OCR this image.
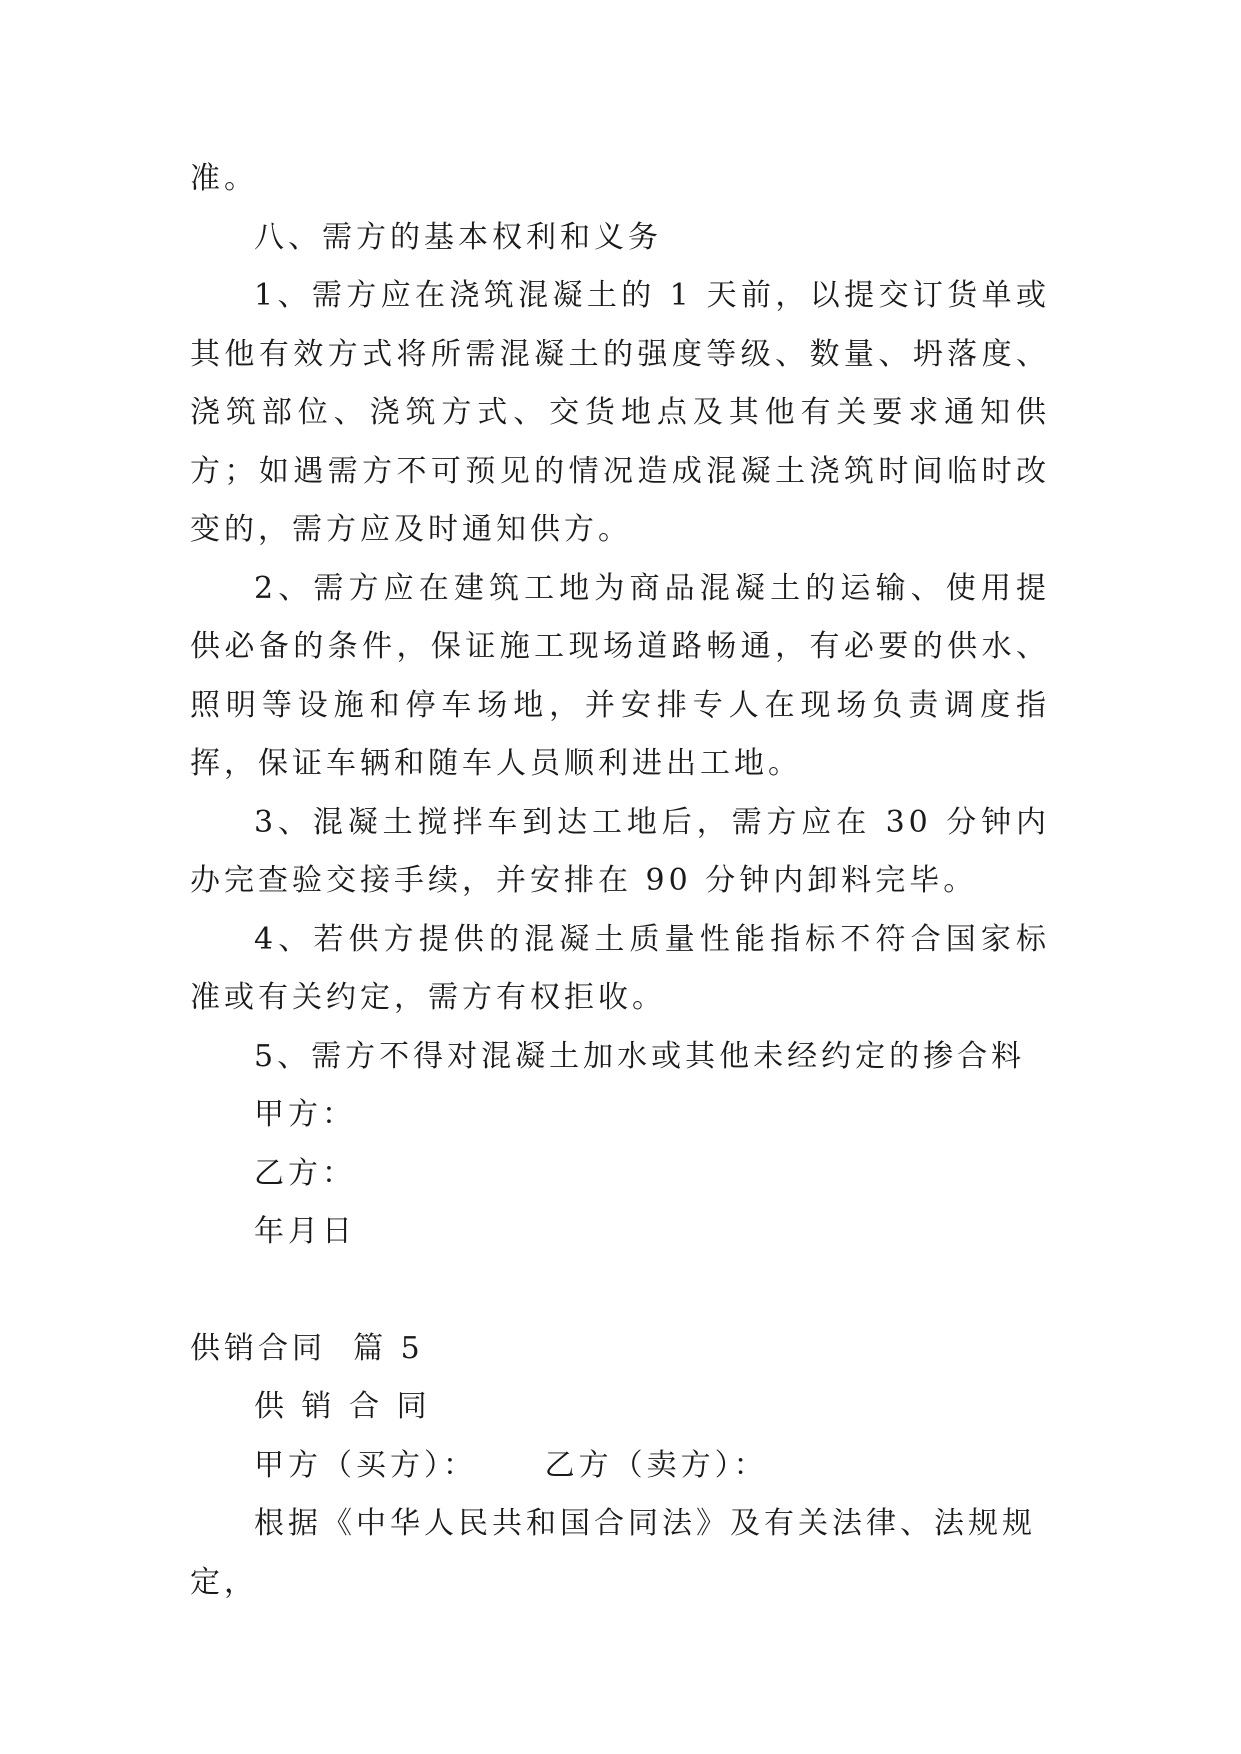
准。

八、需方的基本权利和义务

1、需方应在浇筑混凝土的 1 天前，以提交订货单或其他有效方式将所需混凝土的强度等级、数量、坍落度、浇筑部位、浇筑方式、交货地点及其他有关要求通知供方；如遇需方不可预见的情况造成混凝土浇筑时间临时改变的，需方应及时通知供方。

2、需方应在建筑工地为商品混凝土的运输、使用提供必备的条件，保证施工现场道路畅通，有必要的供水、照明等设施和停车场地，并安排专人在现场负责调度指挥，保证车辆和随车人员顺利进出工地。

3、混凝土搅拌车到达工地后，需方应在 30 分钟内办完查验交接手续，并安排在 90 分钟内卸料完毕。

4、若供方提供的混凝土质量性能指标不符合国家标准或有关约定，需方有权拒收。

5、需方不得对混凝土加水或其他未经约定的掺合料

甲方：

乙方：

年月日

供销合同  篇 5

供 销 合 同

甲方（买方）：     乙方（卖方）：

根据《中华人民共和国合同法》及有关法律、法规规定，
